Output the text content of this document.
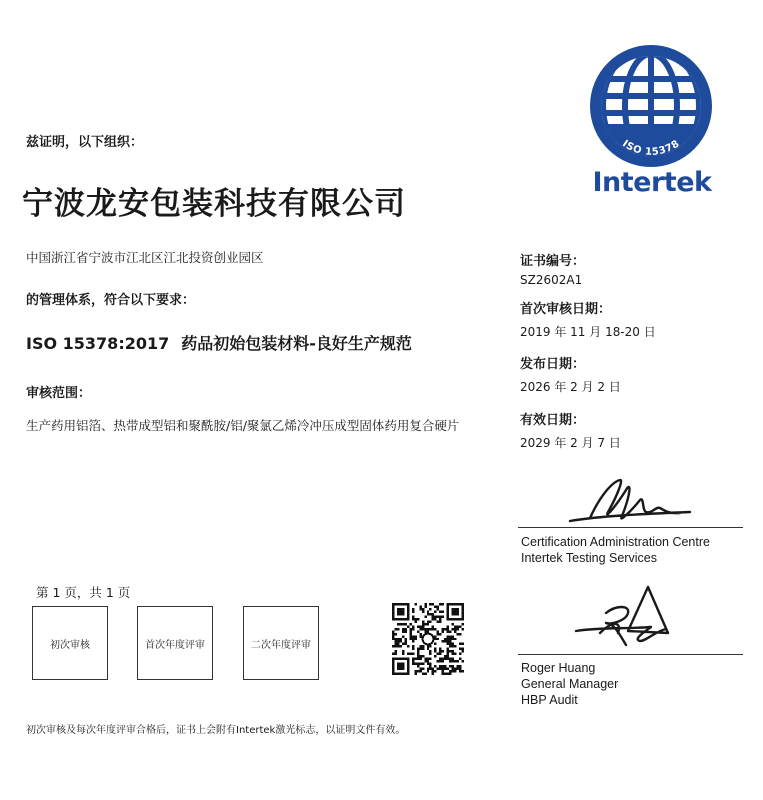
兹证明，以下组织：
宁波龙安包装科技有限公司
中国浙江省宁波市江北区江北投资创业园区
的管理体系，符合以下要求：
ISO 15378:2017 药品初始包装材料-良好生产规范
审核范围：
生产药用铝箔、热带成型铝和聚酰胺/铝/聚氯乙烯冷冲压成型固体药用复合硬片
ISO 15378
Intertek
证书编号：
SZ2602A1
首次审核日期：
2019 年 11 月 18-20 日
发布日期：
2026 年 2 月 2 日
有效日期：
2029 年 2 月 7 日
Certification Administration Centre
Intertek Testing Services
Roger Huang
General Manager
HBP Audit
第 1 页，共 1 页
初次审核	首次年度评审	二次年度评审
初次审核及每次年度评审合格后，证书上会附有Intertek激光标志，以证明文件有效。
